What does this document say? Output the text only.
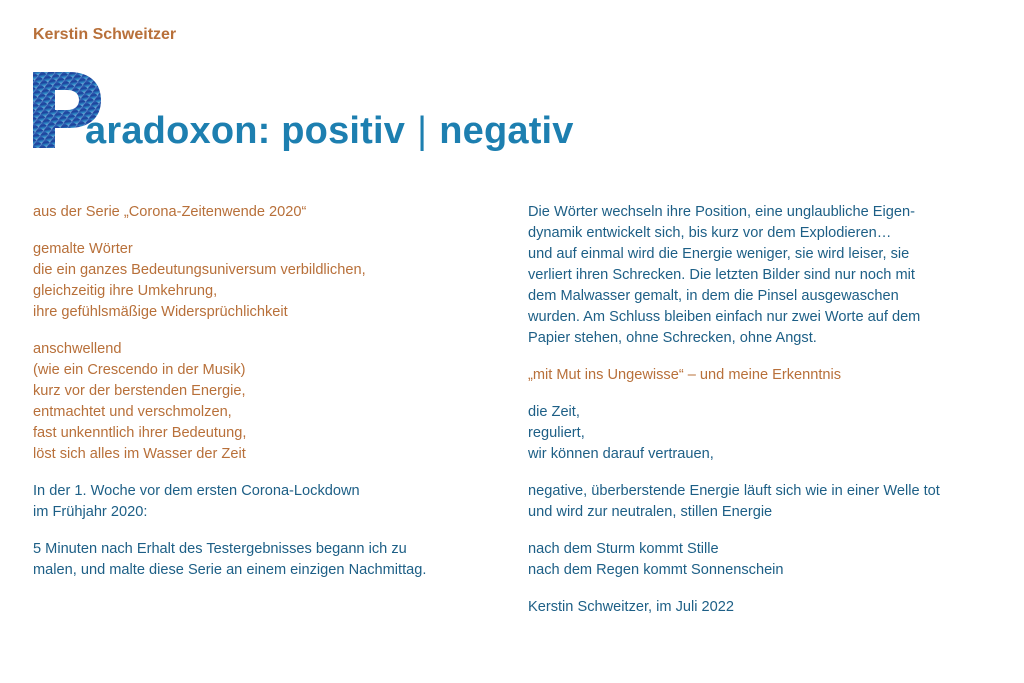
Kerstin Schweitzer
aradoxon: positiv | negativ

aus der Serie „Corona-Zeitenwende 2020“

gemalte Wörter
die ein ganzes Bedeutungsuniversum verbildlichen,
gleichzeitig ihre Umkehrung,
ihre gefühlsmäßige Widersprüchlichkeit

anschwellend
(wie ein Crescendo in der Musik)
kurz vor der berstenden Energie,
entmachtet und verschmolzen,
fast unkenntlich ihrer Bedeutung,
löst sich alles im Wasser der Zeit

In der 1. Woche vor dem ersten Corona-Lockdown
im Frühjahr 2020:

5 Minuten nach Erhalt des Testergebnisses begann ich zu
malen, und malte diese Serie an einem einzigen Nachmittag.

Die Wörter wechseln ihre Position, eine unglaubliche Eigen-
dynamik entwickelt sich, bis kurz vor dem Explodieren…
und auf einmal wird die Energie weniger, sie wird leiser, sie
verliert ihren Schrecken. Die letzten Bilder sind nur noch mit
dem Malwasser gemalt, in dem die Pinsel ausgewaschen
wurden. Am Schluss bleiben einfach nur zwei Worte auf dem
Papier stehen, ohne Schrecken, ohne Angst.

„mit Mut ins Ungewisse“ – und meine Erkenntnis

die Zeit,
reguliert,
wir können darauf vertrauen,

negative, überberstende Energie läuft sich wie in einer Welle tot
und wird zur neutralen, stillen Energie

nach dem Sturm kommt Stille
nach dem Regen kommt Sonnenschein

Kerstin Schweitzer, im Juli 2022
